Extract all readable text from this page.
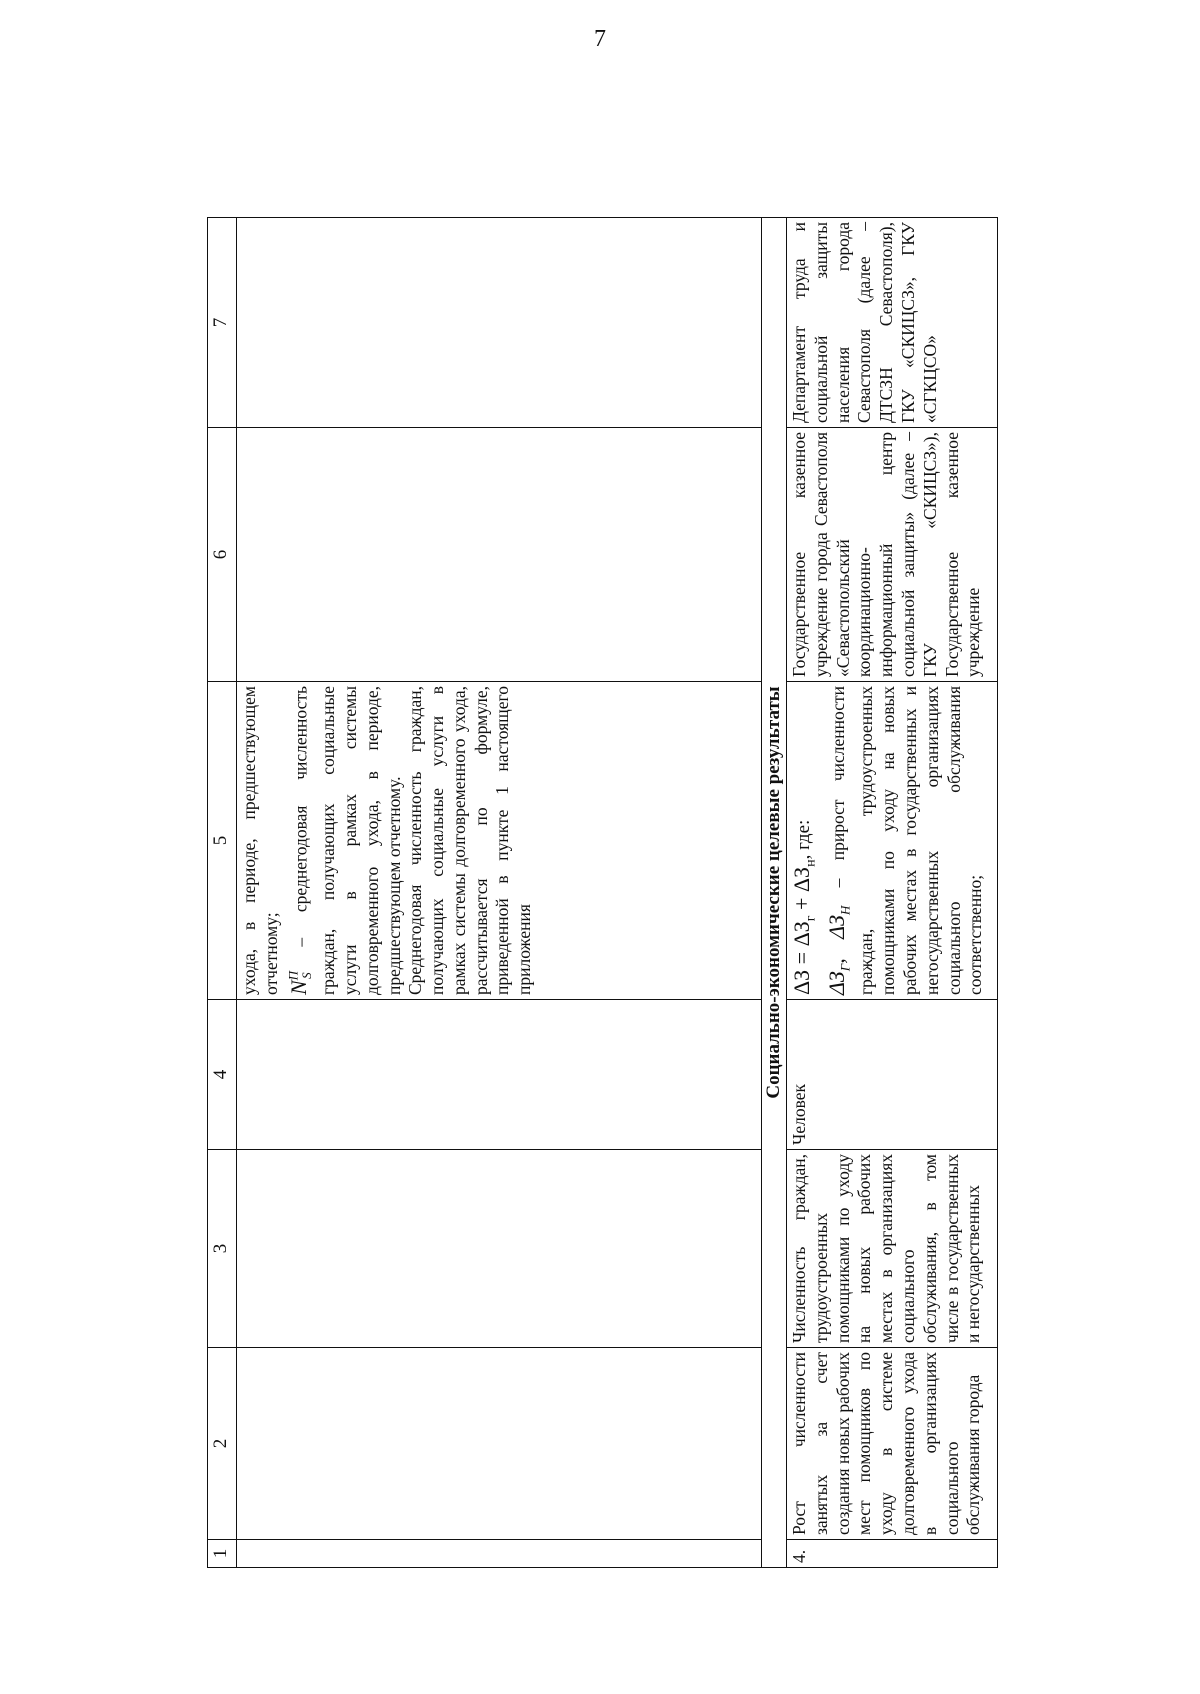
7
1	2	3	4	5	6	7

				ухода, в периоде, предшествующем отчетному; $N^П_S$ – среднегодовая численность граждан, получающих социальные услуги в рамках системы долговременного ухода, в периоде, предшествующем отчетному. Среднегодовая численность граждан, получающих социальные услуги в рамках системы долговременного ухода, рассчитывается по формуле, приведенной в пункте 1 настоящего приложения		

Социально-экономические целевые результаты						
4.	Рост численности занятых за счет создания новых рабочих мест помощников по уходу в системе долговременного ухода в организациях социального обслуживания города	Численность граждан, трудоустроенных помощниками по уходу на новых рабочих местах в организациях социального обслуживания, в том числе в государственных и негосударственных	Человек	$\Delta З = \Delta З_г + \Delta З_н$, где:
$\Delta З_Г$, $\Delta З_Н$ – прирост численности граждан, трудоустроенных помощниками по уходу на новых рабочих местах в государственных и негосударственных организациях социального обслуживания соответственно;	Государственное казенное учреждение города Севастополя «Севастопольский координационно-информационный центр социальной защиты» (далее – ГКУ «СКИЦСЗ»), Государственное казенное учреждение	Департамент труда и социальной защиты населения города Севастополя (далее – ДТСЗН Севастополя), ГКУ «СКИЦСЗ», ГКУ «СГКЦСО»
